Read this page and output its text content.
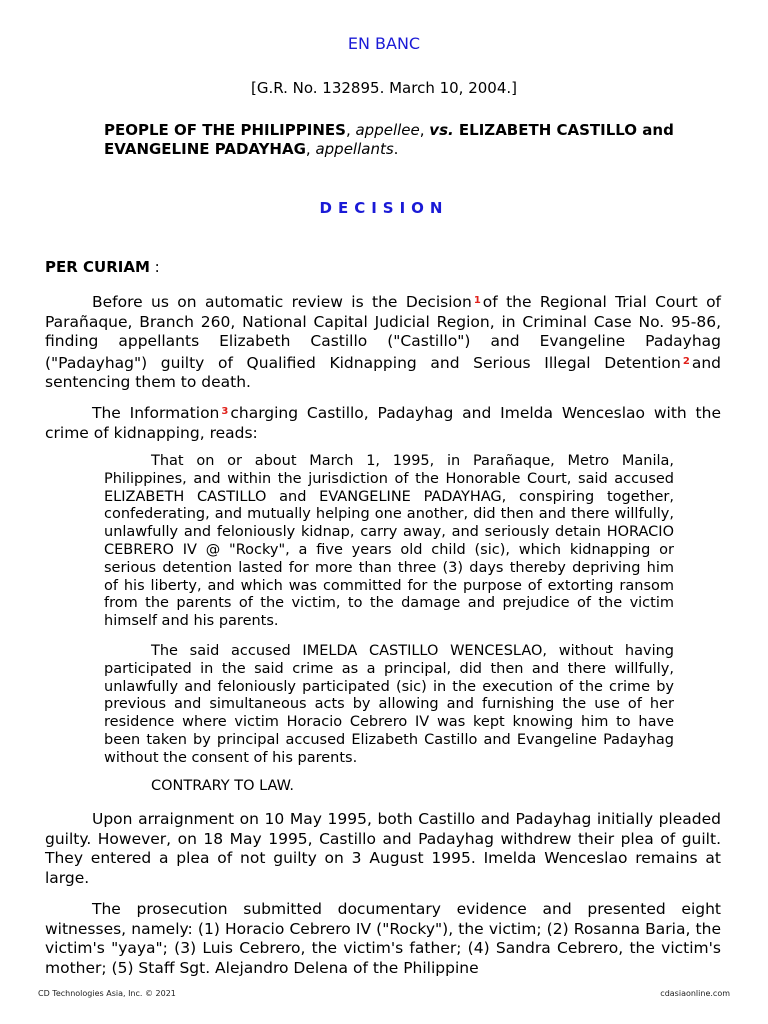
EN BANC
[G.R. No. 132895. March 10, 2004.]
PEOPLE OF THE PHILIPPINES, appellee, vs. ELIZABETH CASTILLO and EVANGELINE PADAYHAG, appellants.
DECISION
PER CURIAM :

Before us on automatic review is the Decision $^1$ of the Regional Trial Court of Parañaque, Branch 260, National Capital Judicial Region, in Criminal Case No. 95-86, finding appellants Elizabeth Castillo ("Castillo") and Evangeline Padayhag ("Padayhag") guilty of Qualified Kidnapping and Serious Illegal Detention $^2$ and sentencing them to death.

The Information $^3$ charging Castillo, Padayhag and Imelda Wenceslao with the crime of kidnapping, reads:

That on or about March 1, 1995, in Parañaque, Metro Manila, Philippines, and within the jurisdiction of the Honorable Court, said accused ELIZABETH CASTILLO and EVANGELINE PADAYHAG, conspiring together, confederating, and mutually helping one another, did then and there willfully, unlawfully and feloniously kidnap, carry away, and seriously detain HORACIO CEBRERO IV @ "Rocky", a five years old child (sic), which kidnapping or serious detention lasted for more than three (3) days thereby depriving him of his liberty, and which was committed for the purpose of extorting ransom from the parents of the victim, to the damage and prejudice of the victim himself and his parents.

The said accused IMELDA CASTILLO WENCESLAO, without having participated in the said crime as a principal, did then and there willfully, unlawfully and feloniously participated (sic) in the execution of the crime by previous and simultaneous acts by allowing and furnishing the use of her residence where victim Horacio Cebrero IV was kept knowing him to have been taken by principal accused Elizabeth Castillo and Evangeline Padayhag without the consent of his parents.

CONTRARY TO LAW.

Upon arraignment on 10 May 1995, both Castillo and Padayhag initially pleaded guilty. However, on 18 May 1995, Castillo and Padayhag withdrew their plea of guilt. They entered a plea of not guilty on 3 August 1995. Imelda Wenceslao remains at large.

The prosecution submitted documentary evidence and presented eight witnesses, namely: (1) Horacio Cebrero IV ("Rocky"), the victim; (2) Rosanna Baria, the victim's "yaya"; (3) Luis Cebrero, the victim's father; (4) Sandra Cebrero, the victim's mother; (5) Staff Sgt. Alejandro Delena of the Philippine

CD Technologies Asia, Inc. © 2021	cdasiaonline.com
